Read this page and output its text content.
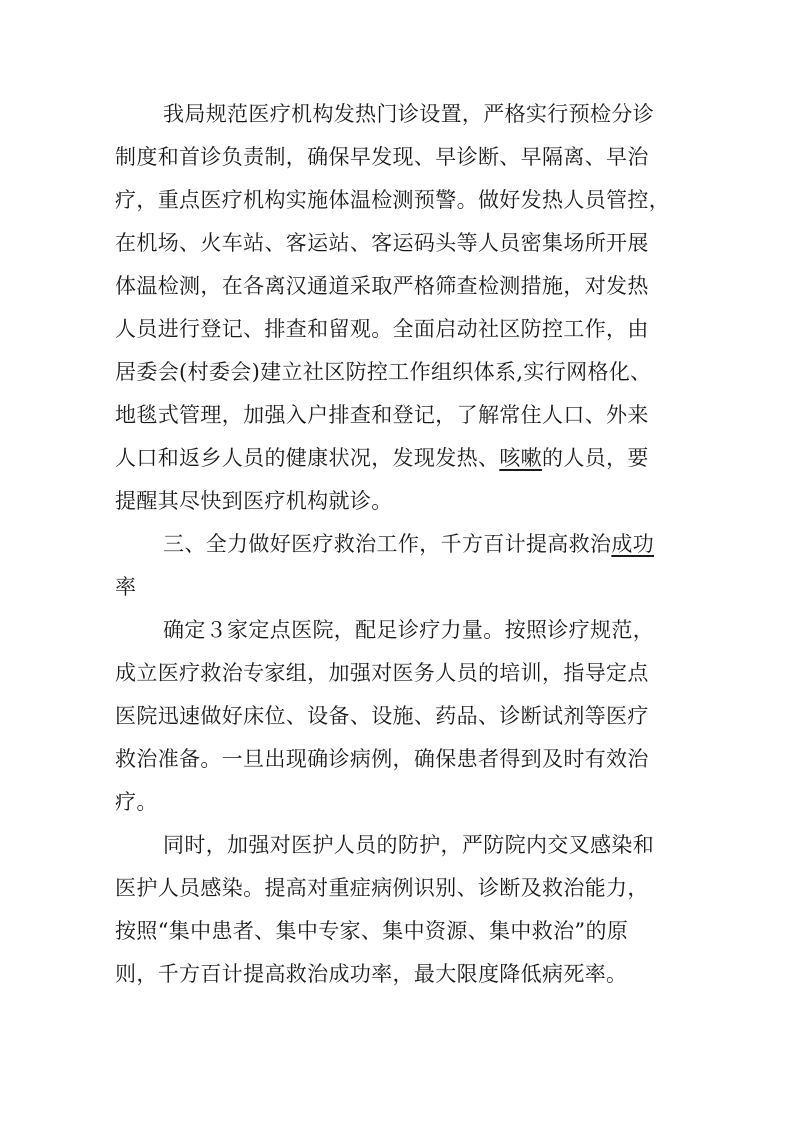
我局规范医疗机构发热门诊设置，严格实行预检分诊
制度和首诊负责制，确保早发现、早诊断、早隔离、早治
疗，重点医疗机构实施体温检测预警。做好发热人员管控，
在机场、火车站、客运站、客运码头等人员密集场所开展
体温检测，在各离汉通道采取严格筛查检测措施，对发热
人员进行登记、排查和留观。全面启动社区防控工作，由
居委会(村委会)建立社区防控工作组织体系,实行网格化、
地毯式管理，加强入户排查和登记，了解常住人口、外来
人口和返乡人员的健康状况，发现发热、咳嗽的人员，要
提醒其尽快到医疗机构就诊。
三、全力做好医疗救治工作，千方百计提高救治成功
率
确定３家定点医院，配足诊疗力量。按照诊疗规范，
成立医疗救治专家组，加强对医务人员的培训，指导定点
医院迅速做好床位、设备、设施、药品、诊断试剂等医疗
救治准备。一旦出现确诊病例，确保患者得到及时有效治
疗。
同时，加强对医护人员的防护，严防院内交叉感染和
医护人员感染。提高对重症病例识别、诊断及救治能力，
按照“集中患者、集中专家、集中资源、集中救治”的原
则，千方百计提高救治成功率，最大限度降低病死率。
